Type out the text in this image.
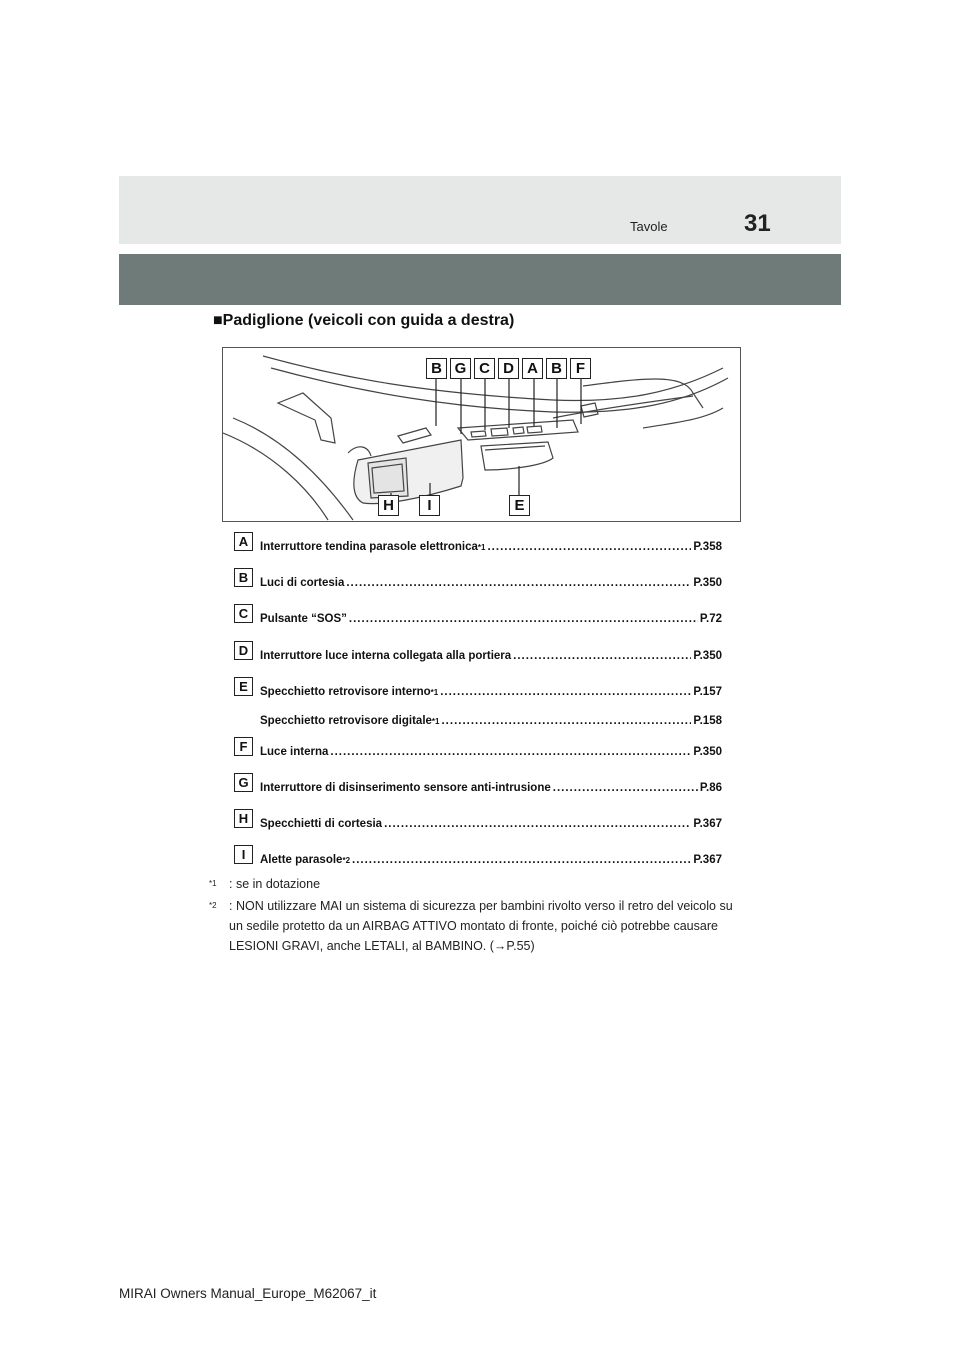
Tavole	31
■Padiglione (veicoli con guida a destra)
B G C D A B F
H	I	E
A	Interruttore tendina parasole elettronica *1 .....	P.358
B	Luci di cortesia .....	P.350
C	Pulsante “SOS” .....	P.72
D	Interruttore luce interna collegata alla portiera .....	P.350
E	Specchietto retrovisore interno *1 .....	P.157
Specchietto retrovisore digitale *1 .....	P.158
F	Luce interna .....	P.350
G Interruttore di disinserimento sensore anti-intrusione .....	P.86
H	Specchietti di cortesia .....	P.367
I	Alette parasole *2 .....	P.367
*1 : se in dotazione
*2 : NON utilizzare MAI un sistema di sicurezza per bambini rivolto verso il retro del veicolo su un sedile protetto da un AIRBAG ATTIVO montato di fronte, poiché ciò potrebbe causare LESIONI GRAVI, anche LETALI, al BAMBINO. (→P.55)
MIRAI Owners Manual_Europe_M62067_it
